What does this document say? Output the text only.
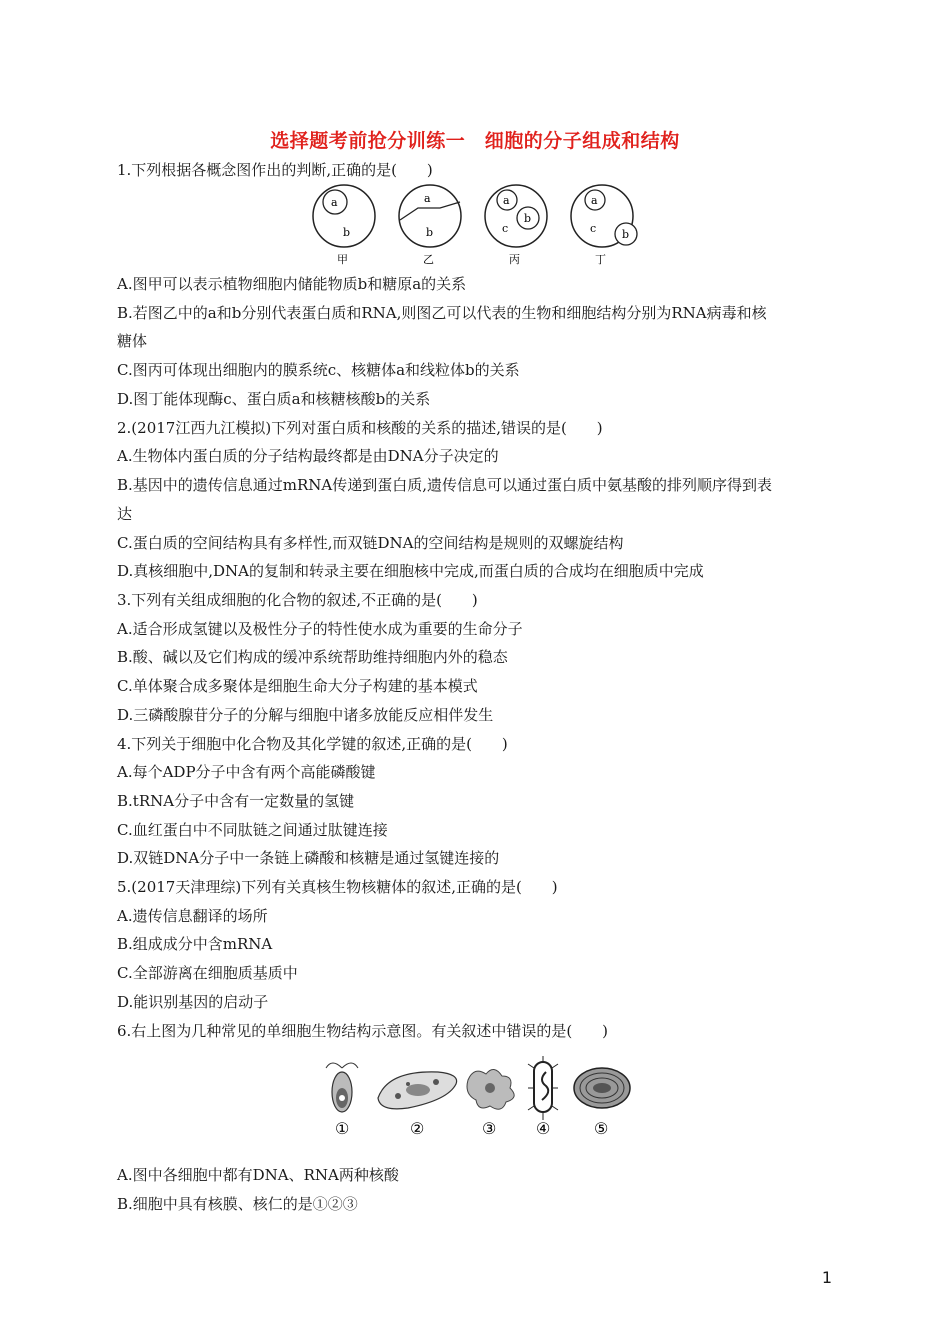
选择题考前抢分训练一　细胞的分子组成和结构
1.下列根据各概念图作出的判断,正确的是(　　)
a
b
甲
a
b
乙
a
b
c
丙
a
b
c
丁
A.图甲可以表示植物细胞内储能物质b和糖原a的关系
B.若图乙中的a和b分别代表蛋白质和RNA,则图乙可以代表的生物和细胞结构分别为RNA病毒和核
糖体
C.图丙可体现出细胞内的膜系统c、核糖体a和线粒体b的关系
D.图丁能体现酶c、蛋白质a和核糖核酸b的关系
2.(2017江西九江模拟)下列对蛋白质和核酸的关系的描述,错误的是(　　)
A.生物体内蛋白质的分子结构最终都是由DNA分子决定的
B.基因中的遗传信息通过mRNA传递到蛋白质,遗传信息可以通过蛋白质中氨基酸的排列顺序得到表
达
C.蛋白质的空间结构具有多样性,而双链DNA的空间结构是规则的双螺旋结构
D.真核细胞中,DNA的复制和转录主要在细胞核中完成,而蛋白质的合成均在细胞质中完成
3.下列有关组成细胞的化合物的叙述,不正确的是(　　)
A.适合形成氢键以及极性分子的特性使水成为重要的生命分子
B.酸、碱以及它们构成的缓冲系统帮助维持细胞内外的稳态
C.单体聚合成多聚体是细胞生命大分子构建的基本模式
D.三磷酸腺苷分子的分解与细胞中诸多放能反应相伴发生
4.下列关于细胞中化合物及其化学键的叙述,正确的是(　　)
A.每个ADP分子中含有两个高能磷酸键
B.tRNA分子中含有一定数量的氢键
C.血红蛋白中不同肽链之间通过肽键连接
D.双链DNA分子中一条链上磷酸和核糖是通过氢键连接的
5.(2017天津理综)下列有关真核生物核糖体的叙述,正确的是(　　)
A.遗传信息翻译的场所
B.组成成分中含mRNA
C.全部游离在细胞质基质中
D.能识别基因的启动子
6.右上图为几种常见的单细胞生物结构示意图。有关叙述中错误的是(　　)
①	②	③ ④	⑤
A.图中各细胞中都有DNA、RNA两种核酸
B.细胞中具有核膜、核仁的是①②③
1
